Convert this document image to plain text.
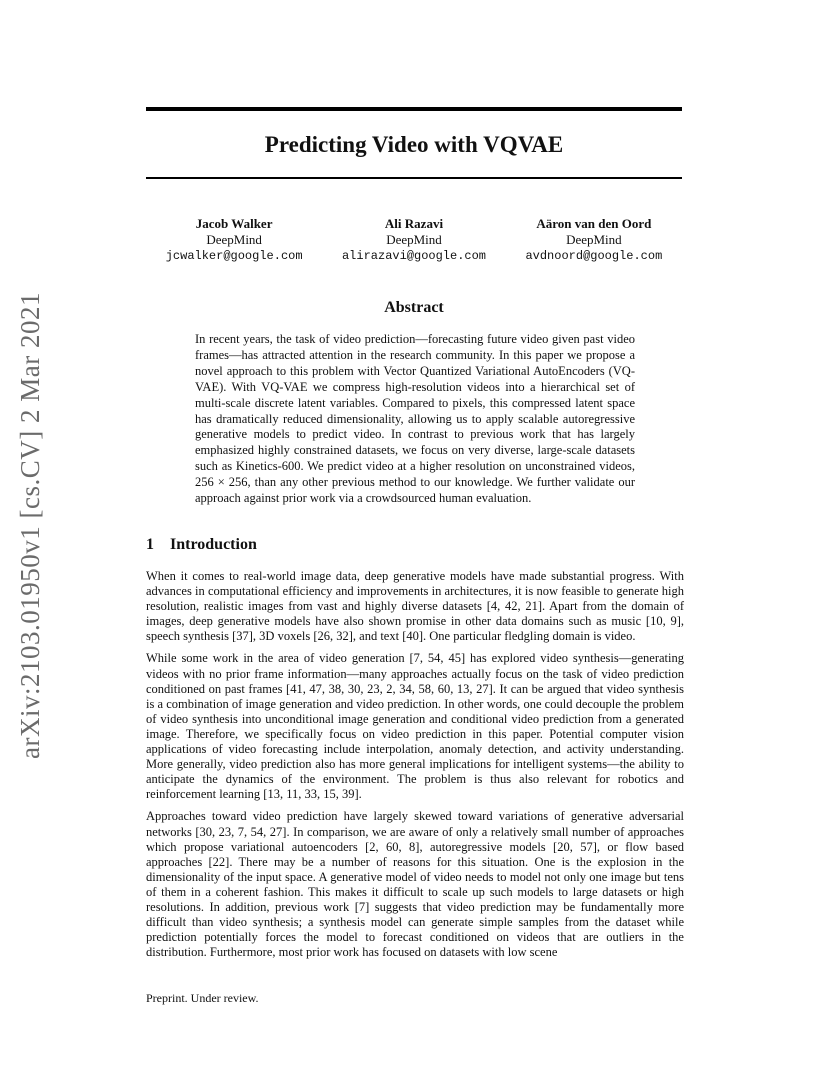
arXiv:2103.01950v1 [cs.CV] 2 Mar 2021
Predicting Video with VQVAE
Jacob Walker
DeepMind
jcwalker@google.com
Ali Razavi
DeepMind
alirazavi@google.com
Aäron van den Oord
DeepMind
avdnoord@google.com
Abstract
In recent years, the task of video prediction—forecasting future video given past video frames—has attracted attention in the research community. In this paper we propose a novel approach to this problem with Vector Quantized Variational AutoEncoders (VQ-VAE). With VQ-VAE we compress high-resolution videos into a hierarchical set of multi-scale discrete latent variables. Compared to pixels, this compressed latent space has dramatically reduced dimensionality, allowing us to apply scalable autoregressive generative models to predict video. In contrast to previous work that has largely emphasized highly constrained datasets, we focus on very diverse, large-scale datasets such as Kinetics-600. We predict video at a higher resolution on unconstrained videos, 256 × 256, than any other previous method to our knowledge. We further validate our approach against prior work via a crowdsourced human evaluation.
1 Introduction

When it comes to real-world image data, deep generative models have made substantial progress. With advances in computational efficiency and improvements in architectures, it is now feasible to generate high resolution, realistic images from vast and highly diverse datasets [4, 42, 21]. Apart from the domain of images, deep generative models have also shown promise in other data domains such as music [10, 9], speech synthesis [37], 3D voxels [26, 32], and text [40]. One particular fledgling domain is video.

While some work in the area of video generation [7, 54, 45] has explored video synthesis—generating videos with no prior frame information—many approaches actually focus on the task of video prediction conditioned on past frames [41, 47, 38, 30, 23, 2, 34, 58, 60, 13, 27]. It can be argued that video synthesis is a combination of image generation and video prediction. In other words, one could decouple the problem of video synthesis into unconditional image generation and conditional video prediction from a generated image. Therefore, we specifically focus on video prediction in this paper. Potential computer vision applications of video forecasting include interpolation, anomaly detection, and activity understanding. More generally, video prediction also has more general implications for intelligent systems—the ability to anticipate the dynamics of the environment. The problem is thus also relevant for robotics and reinforcement learning [13, 11, 33, 15, 39].

Approaches toward video prediction have largely skewed toward variations of generative adversarial networks [30, 23, 7, 54, 27]. In comparison, we are aware of only a relatively small number of approaches which propose variational autoencoders [2, 60, 8], autoregressive models [20, 57], or flow based approaches [22]. There may be a number of reasons for this situation. One is the explosion in the dimensionality of the input space. A generative model of video needs to model not only one image but tens of them in a coherent fashion. This makes it difficult to scale up such models to large datasets or high resolutions. In addition, previous work [7] suggests that video prediction may be fundamentally more difficult than video synthesis; a synthesis model can generate simple samples from the dataset while prediction potentially forces the model to forecast conditioned on videos that are outliers in the distribution. Furthermore, most prior work has focused on datasets with low scene

Preprint. Under review.
